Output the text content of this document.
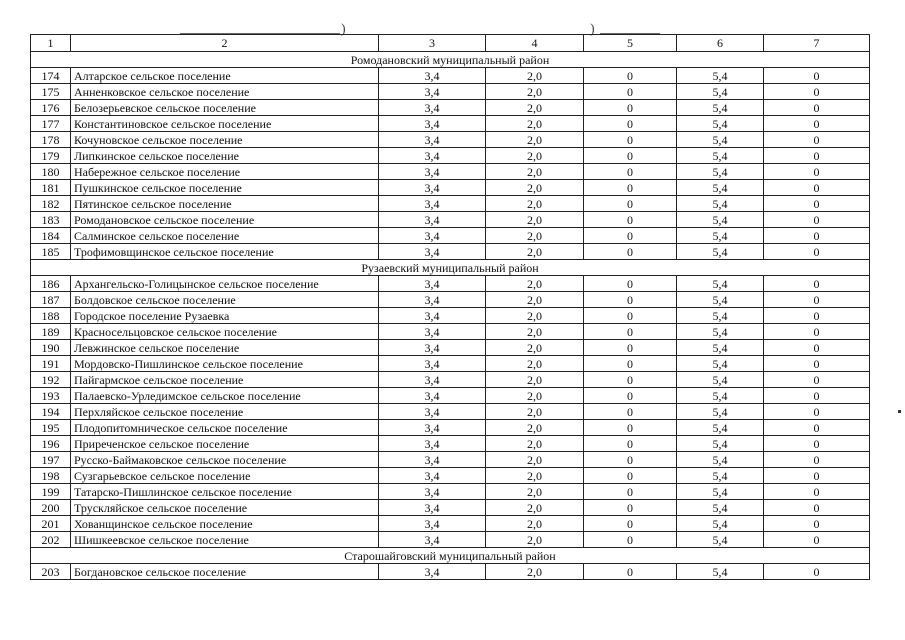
)	)
1	2	3	4	5	6	7
Ромодановский муниципальный район						
174	Алтарское сельское поселение	3,4	2,0	0	5,4	0
175	Анненковское сельское поселение	3,4	2,0	0	5,4	0
176	Белозерьевское сельское поселение	3,4	2,0	0	5,4	0
177	Константиновское сельское поселение	3,4	2,0	0	5,4	0
178	Кочуновское сельское поселение	3,4	2,0	0	5,4	0
179	Липкинское сельское поселение	3,4	2,0	0	5,4	0
180	Набережное сельское поселение	3,4	2,0	0	5,4	0
181	Пушкинское сельское поселение	3,4	2,0	0	5,4	0
182	Пятинское сельское поселение	3,4	2,0	0	5,4	0
183	Ромодановское сельское поселение	3,4	2,0	0	5,4	0
184	Салминское сельское поселение	3,4	2,0	0	5,4	0
185	Трофимовщинское сельское поселение	3,4	2,0	0	5,4	0
Рузаевский муниципальный район						
186	Архангельско-Голицынское сельское поселение	3,4	2,0	0	5,4	0
187	Болдовское сельское поселение	3,4	2,0	0	5,4	0
188	Городское поселение Рузаевка	3,4	2,0	0	5,4	0
189	Красносельцовское сельское поселение	3,4	2,0	0	5,4	0
190	Левжинское сельское поселение	3,4	2,0	0	5,4	0
191	Мордовско-Пишлинское сельское поселение	3,4	2,0	0	5,4	0
192	Пайгармское сельское поселение	3,4	2,0	0	5,4	0
193	Палаевско-Урледимское сельское поселение	3,4	2,0	0	5,4	0
194	Перхляйское сельское поселение	3,4	2,0	0	5,4	0
195	Плодопитомническое сельское поселение	3,4	2,0	0	5,4	0
196	Приреченское сельское поселение	3,4	2,0	0	5,4	0
197	Русско-Баймаковское сельское поселение	3,4	2,0	0	5,4	0
198	Сузгарьевское сельское поселение	3,4	2,0	0	5,4	0
199	Татарско-Пишлинское сельское поселение	3,4	2,0	0	5,4	0
200	Трускляйское сельское поселение	3,4	2,0	0	5,4	0
201	Хованщинское сельское поселение	3,4	2,0	0	5,4	0
202	Шишкеевское сельское поселение	3,4	2,0	0	5,4	0
Старошайговский муниципальный район						
203	Богдановское сельское поселение	3,4	2,0	0	5,4	0
